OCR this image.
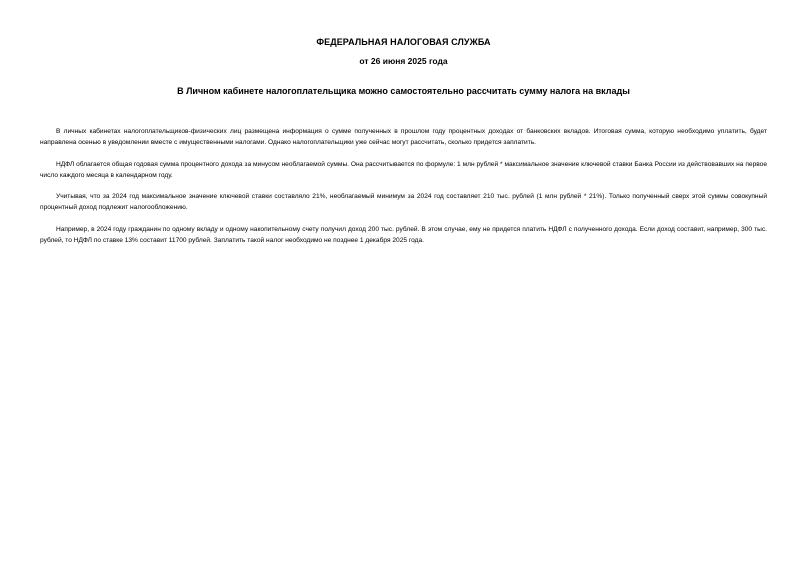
ФЕДЕРАЛЬНАЯ НАЛОГОВАЯ СЛУЖБА
от 26 июня 2025 года
В Личном кабинете налогоплательщика можно самостоятельно рассчитать сумму налога на вклады

В личных кабинетах налогоплательщиков-физических лиц размещена информация о сумме полученных в прошлом году процентных доходах от банковских вкладов. Итоговая сумма, которую необходимо уплатить, будет направлена осенью в уведомлении вместе с имущественными налогами. Однако налогоплательщики уже сейчас могут рассчитать, сколько придется заплатить.

НДФЛ облагается общая годовая сумма процентного дохода за минусом необлагаемой суммы. Она рассчитывается по формуле: 1 млн рублей * максимальное значение ключевой ставки Банка России из действовавших на первое число каждого месяца в календарном году.

Учитывая, что за 2024 год максимальное значение ключевой ставки составляло 21%, необлагаемый минимум за 2024 год составляет 210 тыс. рублей (1 млн рублей * 21%). Только полученный сверх этой суммы совокупный процентный доход подлежит налогообложению.

Например, в 2024 году гражданин по одному вкладу и одному накопительному счету получил доход 200 тыс. рублей. В этом случае, ему не придется платить НДФЛ с полученного дохода. Если доход составит, например, 300 тыс. рублей, то НДФЛ по ставке 13% составит 11700 рублей. Заплатить такой налог необходимо не позднее 1 декабря 2025 года.
